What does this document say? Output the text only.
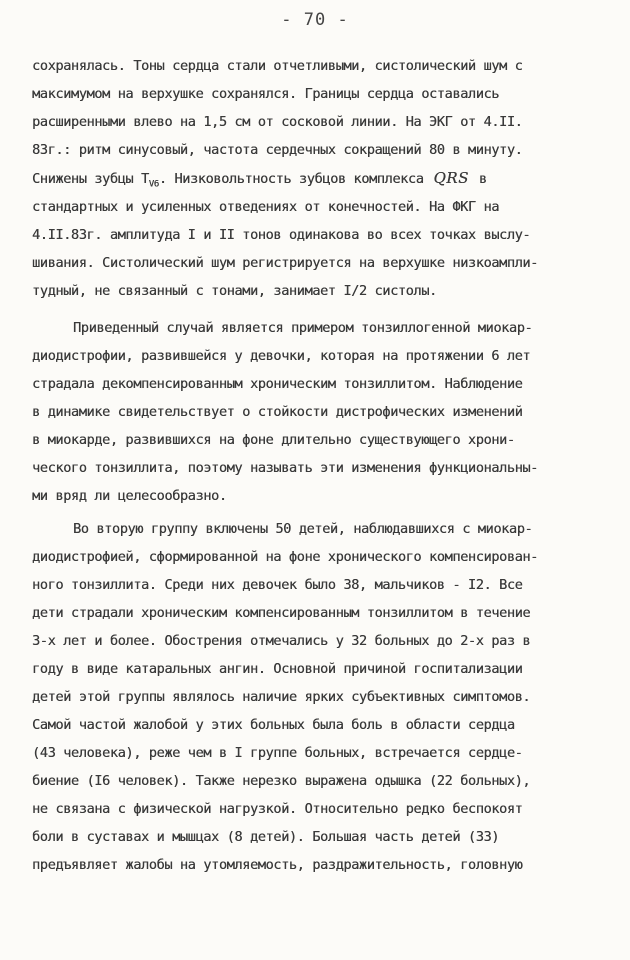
- 70 -
сохранялась. Тоны сердца стали отчетливыми, систолический шум с
максимумом на верхушке сохранялся. Границы сердца оставались
расширенными влево на 1,5 см от сосковой линии. На ЭКГ от 4.II.
83г.: ритм синусовый, частота сердечных сокращений 80 в минуту.
Снижены зубцы $Т_{V6}$. Низковольтность зубцов комплекса QRS в
стандартных и усиленных отведениях от конечностей. На ФКГ на
4.II.83г. амплитуда I и II тонов одинакова во всех точках выслу-
шивания. Систолический шум регистрируется на верхушке низкоампли-
тудный, не связанный с тонами, занимает I/2 систолы.
Приведенный случай является примером тонзиллогенной миокар-
диодистрофии, развившейся у девочки, которая на протяжении 6 лет
страдала декомпенсированным хроническим тонзиллитом. Наблюдение
в динамике свидетельствует о стойкости дистрофических изменений
в миокарде, развившихся на фоне длительно существующего хрони-
ческого тонзиллита, поэтому называть эти изменения функциональны-
ми вряд ли целесообразно.
Во вторую группу включены 50 детей, наблюдавшихся с миокар-
диодистрофией, сформированной на фоне хронического компенсирован-
ного тонзиллита. Среди них девочек было 38, мальчиков - I2. Все
дети страдали хроническим компенсированным тонзиллитом в течение
3-х лет и более. Обострения отмечались у 32 больных до 2-х раз в
году в виде катаральных ангин. Основной причиной госпитализации
детей этой группы являлось наличие ярких субъективных симптомов.
Самой частой жалобой у этих больных была боль в области сердца
(43 человека), реже чем в I группе больных, встречается сердце-
биение (I6 человек). Также нерезко выражена одышка (22 больных),
не связана с физической нагрузкой. Относительно редко беспокоят
боли в суставах и мышцах (8 детей). Большая часть детей (33)
предъявляет жалобы на утомляемость, раздражительность, головную
